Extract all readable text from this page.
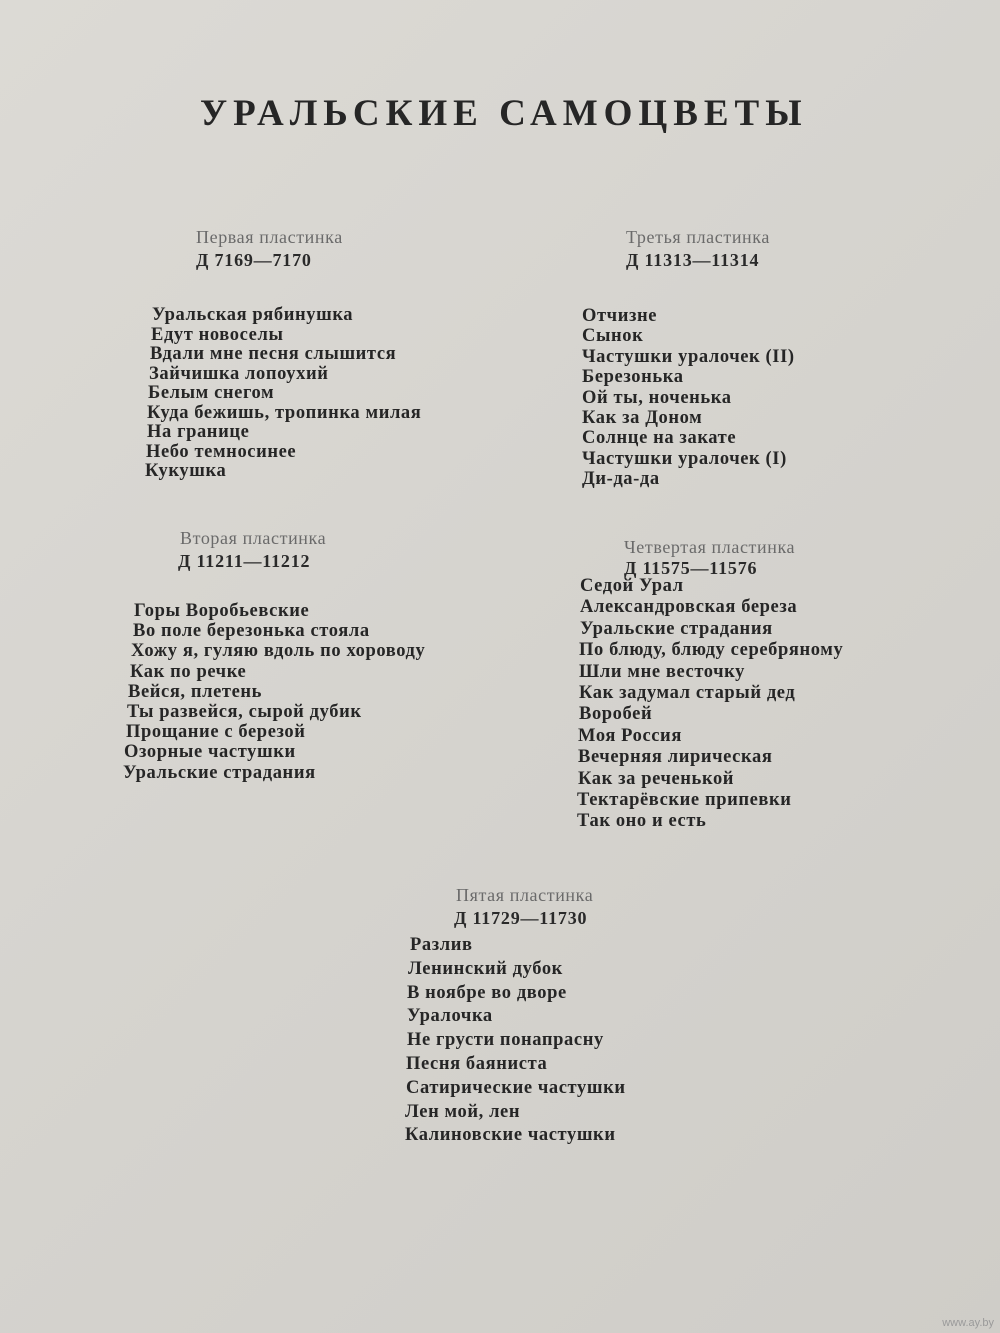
УРАЛЬСКИЕ САМОЦВЕТЫ
Первая пластинка
Д 7169—7170
Уральская рябинушка
Едут новоселы
Вдали мне песня слышится
Зайчишка лопоухий
Белым снегом
Куда бежишь, тропинка милая
На границе
Небо темносинее
Кукушка
Третья пластинка
Д 11313—11314
Отчизне
Сынок
Частушки уралочек (II)
Березонька
Ой ты, ноченька
Как за Доном
Солнце на закате
Частушки уралочек (I)
Ди-да-да
Вторая пластинка
Д 11211—11212
Горы Воробьевские
Во поле березонька стояла
Хожу я, гуляю вдоль по хороводу
Как по речке
Вейся, плетень
Ты развейся, сырой дубик
Прощание с березой
Озорные частушки
Уральские страдания
Четвертая пластинка
Д 11575—11576
Седой Урал
Александровская береза
Уральские страдания
По блюду, блюду серебряному
Шли мне весточку
Как задумал старый дед
Воробей
Моя Россия
Вечерняя лирическая
Как за реченькой
Тектарёвские припевки
Так оно и есть
Пятая пластинка
Д 11729—11730
Разлив
Ленинский дубок
В ноябре во дворе
Уралочка
Не грусти понапрасну
Песня баяниста
Сатирические частушки
Лен мой, лен
Калиновские частушки
www.ay.by
